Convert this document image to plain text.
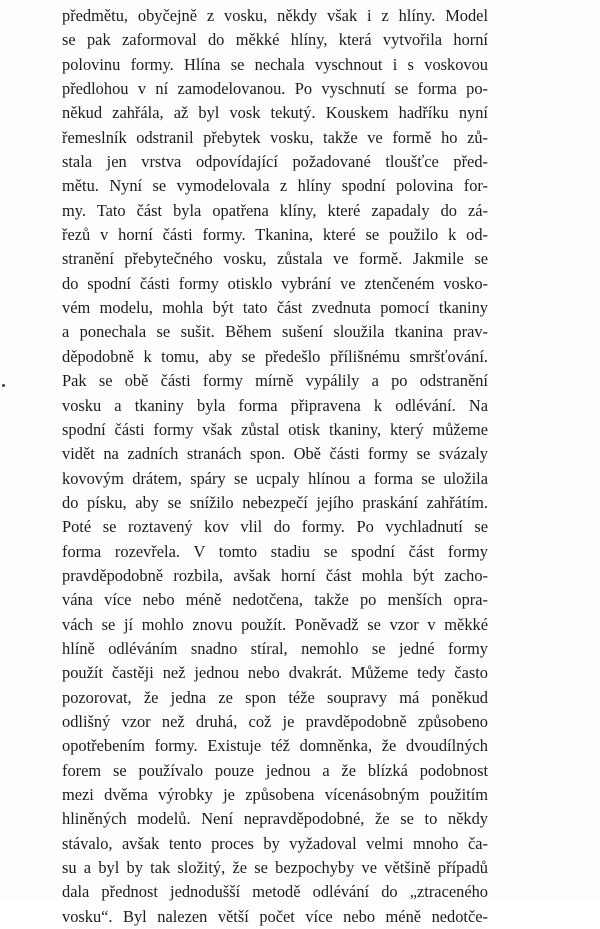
předmětu, obyčejně z vosku, někdy však i z hlíny. Model
se pak zaformoval do měkké hlíny, která vytvořila horní
polovinu formy. Hlína se nechala vyschnout i s voskovou
předlohou v ní zamodelovanou. Po vyschnutí se forma po-
někud zahřála, až byl vosk tekutý. Kouskem hadříku nyní
řemeslník odstranil přebytek vosku, takže ve formě ho zů-
stala jen vrstva odpovídající požadované tloušťce před-
mětu. Nyní se vymodelovala z hlíny spodní polovina for-
my. Tato část byla opatřena klíny, které zapadaly do zá-
řezů v horní části formy. Tkanina, které se použilo k od-
stranění přebytečného vosku, zůstala ve formě. Jakmile se
do spodní části formy otisklo vybrání ve ztenčeném vosko-
vém modelu, mohla být tato část zvednuta pomocí tkaniny
a ponechala se sušit. Během sušení sloužila tkanina prav-
děpodobně k tomu, aby se předešlo přílišnému smršťování.
Pak se obě části formy mírně vypálily a po odstranění
vosku a tkaniny byla forma připravena k odlévání. Na
spodní části formy však zůstal otisk tkaniny, který můžeme
vidět na zadních stranách spon. Obě části formy se svázaly
kovovým drátem, spáry se ucpaly hlínou a forma se uložila
do písku, aby se snížilo nebezpečí jejího praskání zahřátím.
Poté se roztavený kov vlil do formy. Po vychladnutí se
forma rozevřela. V tomto stadiu se spodní část formy
pravděpodobně rozbila, avšak horní část mohla být zacho-
vána více nebo méně nedotčena, takže po menších opra-
vách se jí mohlo znovu použít. Poněvadž se vzor v měkké
hlíně odléváním snadno stíral, nemohlo se jedné formy
použít častěji než jednou nebo dvakrát. Můžeme tedy často
pozorovat, že jedna ze spon téže soupravy má poněkud
odlišný vzor než druhá, což je pravděpodobně způsobeno
opotřebením formy. Existuje též domněnka, že dvoudílných
forem se používalo pouze jednou a že blízká podobnost
mezi dvěma výrobky je způsobena vícenásobným použitím
hliněných modelů. Není nepravděpodobné, že se to někdy
stávalo, avšak tento proces by vyžadoval velmi mnoho ča-
su a byl by tak složitý, že se bezpochyby ve většině případů
dala přednost jednodušší metodě odlévání do „ztraceného
vosku“. Byl nalezen větší počet více nebo méně nedotče-
